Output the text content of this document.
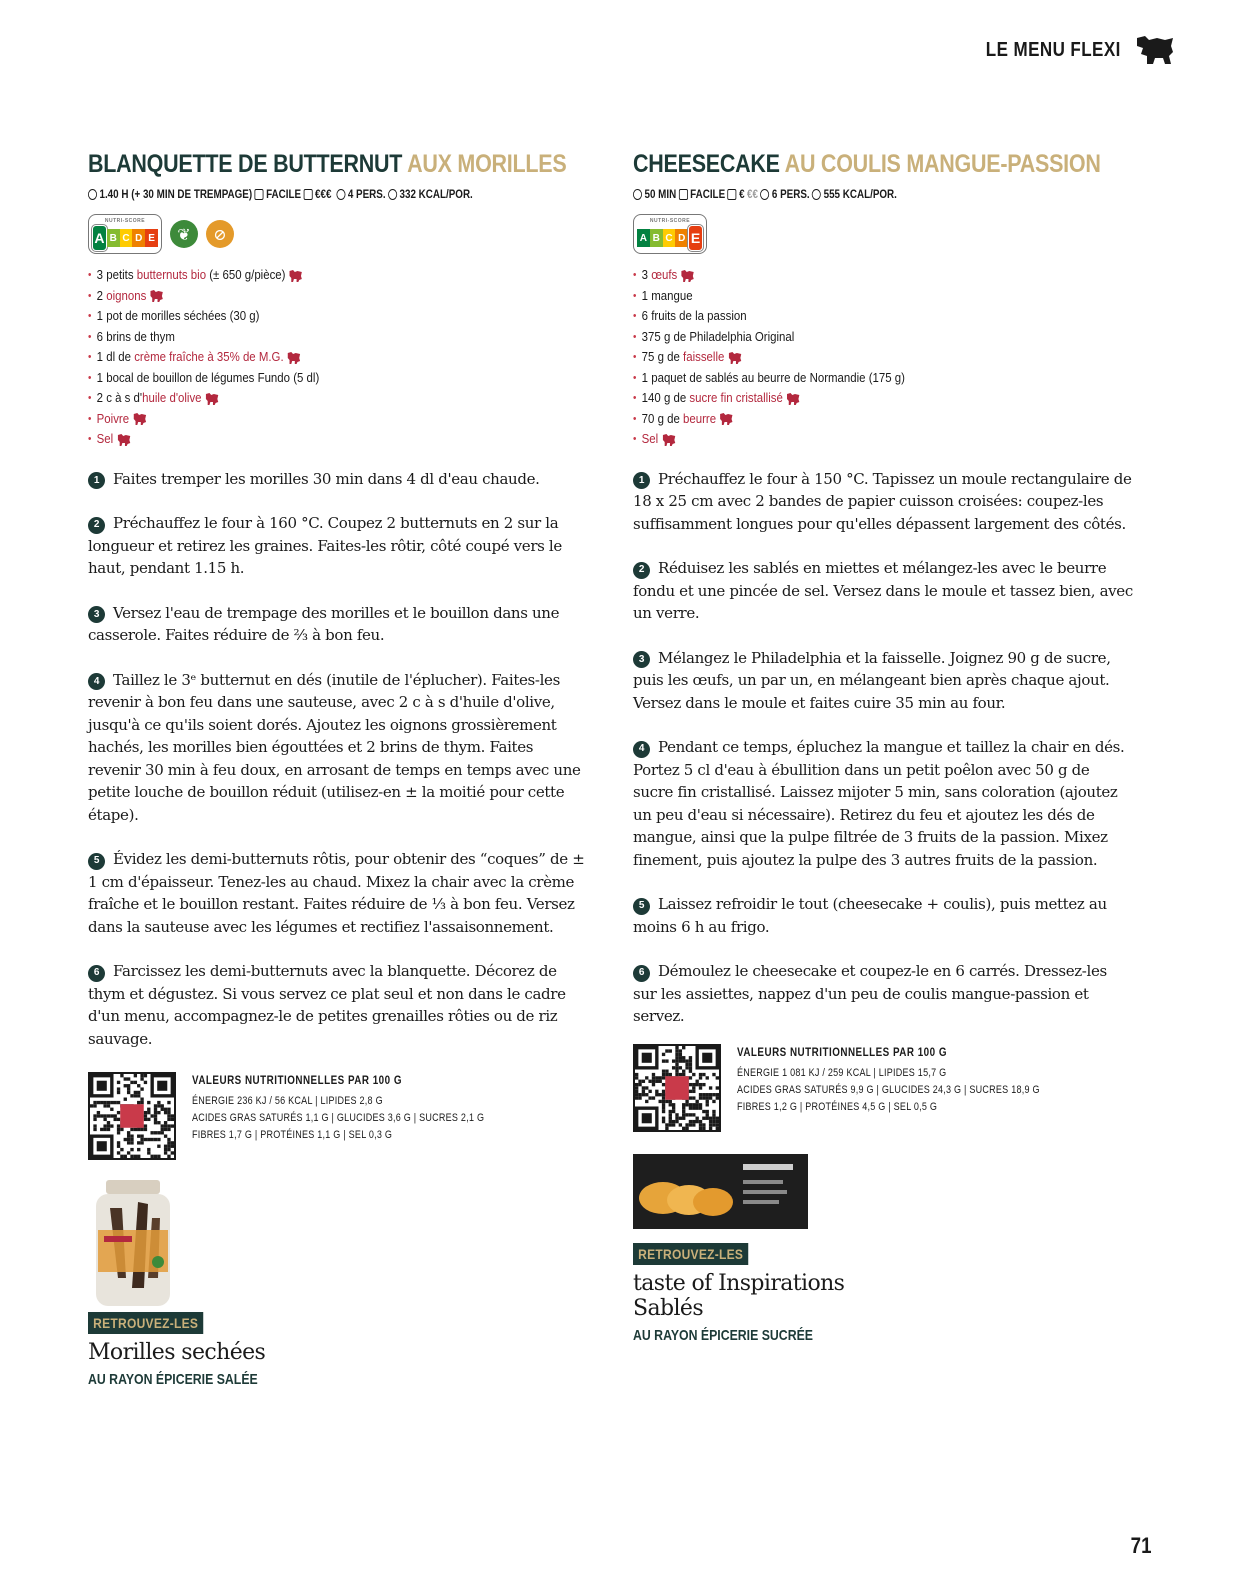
LE MENU FLEXI
BLANQUETTE DE BUTTERNUT AUX MORILLES
1.40 H (+ 30 MIN DE TREMPAGE) FACILE €€€ 4 PERS. 332 KCAL/POR.
NUTRI-SCORE
A B C D E	❦	⊘
• 3 petits butternuts bio (± 650 g/pièce)
• 2 oignons
• 1 pot de morilles séchées (30 g)
• 6 brins de thym
• 1 dl de crème fraîche à 35% de M.G.
• 1 bocal de bouillon de légumes Fundo (5 dl)
• 2 c à s d' huile d'olive
• Poivre
• Sel

1 Faites tremper les morilles 30 min dans 4 dl d'eau chaude.

2 Préchauffez le four à 160 °C. Coupez 2 butternuts en 2 sur la longueur et retirez les graines. Faites-les rôtir, côté coupé vers le haut, pendant 1.15 h.

3 Versez l'eau de trempage des morilles et le bouillon dans une casserole. Faites réduire de ⅔ à bon feu.

4 Taillez le 3ᵉ butternut en dés (inutile de l'éplucher). Faites-les revenir à bon feu dans une sauteuse, avec 2 c à s d'huile d'olive, jusqu'à ce qu'ils soient dorés. Ajoutez les oignons grossièrement hachés, les morilles bien égouttées et 2 brins de thym. Faites revenir 30 min à feu doux, en arrosant de temps en temps avec une petite louche de bouillon réduit (utilisez-en ± la moitié pour cette étape).

5 Évidez les demi-butternuts rôtis, pour obtenir des “coques” de ± 1 cm d'épaisseur. Tenez-les au chaud. Mixez la chair avec la crème fraîche et le bouillon restant. Faites réduire de ⅓ à bon feu. Versez dans la sauteuse avec les légumes et rectifiez l'assaisonnement.

6 Farcissez les demi-butternuts avec la blanquette. Décorez de thym et dégustez. Si vous servez ce plat seul et non dans le cadre d'un menu, accompagnez-le de petites grenailles rôties ou de riz sauvage.

VALEURS NUTRITIONNELLES PAR 100 G
ÉNERGIE 236 KJ / 56 KCAL | LIPIDES 2,8 G
ACIDES GRAS SATURÉS 1,1 G | GLUCIDES 3,6 G | SUCRES 2,1 G
FIBRES 1,7 G | PROTÉINES 1,1 G | SEL 0,3 G
RETROUVEZ-LES
Morilles sechées
AU RAYON ÉPICERIE SALÉE
CHEESECAKE AU COULIS MANGUE-PASSION
50 MIN FACILE € €€ 6 PERS. 555 KCAL/POR.
NUTRI-SCORE
A B C D E
• 3 œufs
• 1 mangue
• 6 fruits de la passion
• 375 g de Philadelphia Original
• 75 g de faisselle
• 1 paquet de sablés au beurre de Normandie (175 g)
• 140 g de sucre fin cristallisé
• 70 g de beurre
• Sel

1 Préchauffez le four à 150 °C. Tapissez un moule rectangulaire de 18 x 25 cm avec 2 bandes de papier cuisson croisées: coupez-les suffisamment longues pour qu'elles dépassent largement des côtés.

2 Réduisez les sablés en miettes et mélangez-les avec le beurre fondu et une pincée de sel. Versez dans le moule et tassez bien, avec un verre.

3 Mélangez le Philadelphia et la faisselle. Joignez 90 g de sucre, puis les œufs, un par un, en mélangeant bien après chaque ajout. Versez dans le moule et faites cuire 35 min au four.

4 Pendant ce temps, épluchez la mangue et taillez la chair en dés. Portez 5 cl d'eau à ébullition dans un petit poêlon avec 50 g de sucre fin cristallisé. Laissez mijoter 5 min, sans coloration (ajoutez un peu d'eau si nécessaire). Retirez du feu et ajoutez les dés de mangue, ainsi que la pulpe filtrée de 3 fruits de la passion. Mixez finement, puis ajoutez la pulpe des 3 autres fruits de la passion.

5 Laissez refroidir le tout (cheesecake + coulis), puis mettez au moins 6 h au frigo.

6 Démoulez le cheesecake et coupez-le en 6 carrés. Dressez-les sur les assiettes, nappez d'un peu de coulis mangue-passion et servez.

VALEURS NUTRITIONNELLES PAR 100 G
ÉNERGIE 1 081 KJ / 259 KCAL | LIPIDES 15,7 G
ACIDES GRAS SATURÉS 9,9 G | GLUCIDES 24,3 G | SUCRES 18,9 G
FIBRES 1,2 G | PROTÉINES 4,5 G | SEL 0,5 G
RETROUVEZ-LES
taste of Inspirations
Sablés
AU RAYON ÉPICERIE SUCRÉE
71
